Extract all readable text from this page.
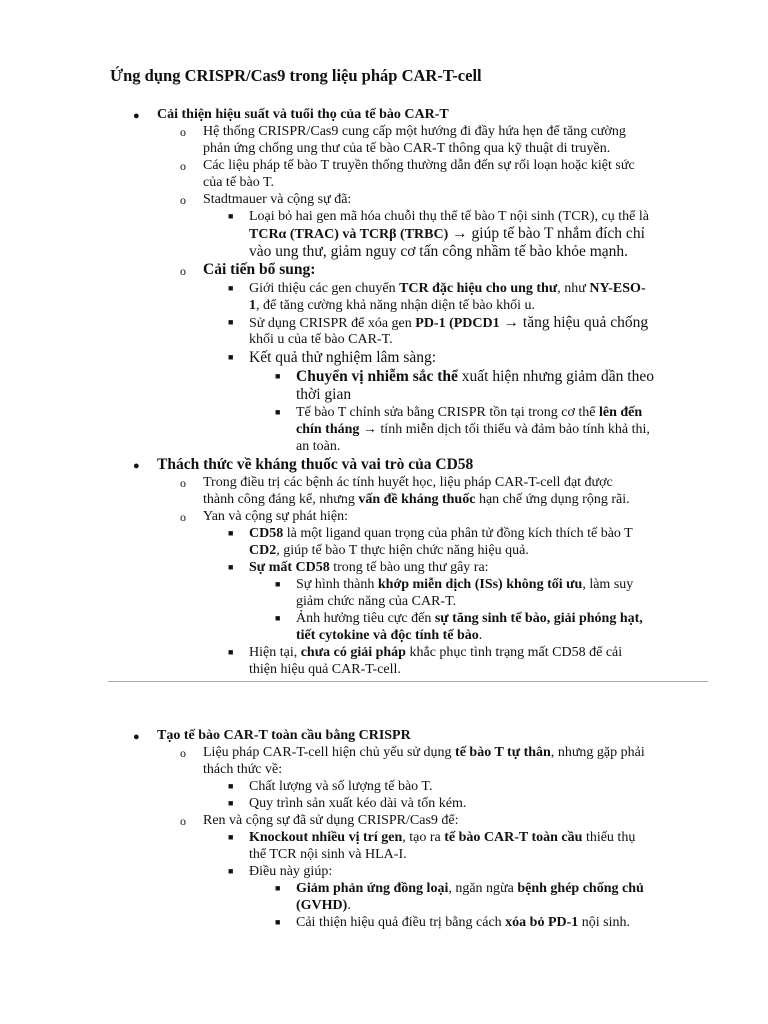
Ứng dụng CRISPR/Cas9 trong liệu pháp CAR-T-cell
● Cải thiện hiệu suất và tuổi thọ của tế bào CAR-T
o Hệ thống CRISPR/Cas9 cung cấp một hướng đi đầy hứa hẹn để tăng cường
phản ứng chống ung thư của tế bào CAR-T thông qua kỹ thuật di truyền.
o Các liệu pháp tế bào T truyền thống thường dẫn đến sự rối loạn hoặc kiệt sức
của tế bào T.
o Stadtmauer và cộng sự đã:
■ Loại bỏ hai gen mã hóa chuỗi thụ thể tế bào T nội sinh (TCR), cụ thể là
TCRα (TRAC) và TCRβ (TRBC) → giúp tế bào T nhắm đích chỉ
vào ung thư, giảm nguy cơ tấn công nhầm tế bào khỏe mạnh.
o Cải tiến bổ sung:
■ Giới thiệu các gen chuyển TCR đặc hiệu cho ung thư, như NY-ESO-
1, để tăng cường khả năng nhận diện tế bào khối u.
■ Sử dụng CRISPR để xóa gen PD-1 (PDCD1 → tăng hiệu quả chống
khối u của tế bào CAR-T.
■ Kết quả thử nghiệm lâm sàng:
■ Chuyển vị nhiễm sắc thể xuất hiện nhưng giảm dần theo
thời gian
■ Tế bào T chỉnh sửa bằng CRISPR tồn tại trong cơ thể lên đến
chín tháng → tính miễn dịch tối thiểu và đảm bảo tính khả thi,
an toàn.
● Thách thức về kháng thuốc và vai trò của CD58
o Trong điều trị các bệnh ác tính huyết học, liệu pháp CAR-T-cell đạt được
thành công đáng kể, nhưng vấn đề kháng thuốc hạn chế ứng dụng rộng rãi.
o Yan và cộng sự phát hiện:
■ CD58 là một ligand quan trọng của phân tử đồng kích thích tế bào T
CD2, giúp tế bào T thực hiện chức năng hiệu quả.
■ Sự mất CD58 trong tế bào ung thư gây ra:
■ Sự hình thành khớp miễn dịch (ISs) không tối ưu, làm suy
giảm chức năng của CAR-T.
■ Ảnh hưởng tiêu cực đến sự tăng sinh tế bào, giải phóng hạt,
tiết cytokine và độc tính tế bào.
■ Hiện tại, chưa có giải pháp khắc phục tình trạng mất CD58 để cải
thiện hiệu quả CAR-T-cell.
● Tạo tế bào CAR-T toàn cầu bằng CRISPR
o Liệu pháp CAR-T-cell hiện chủ yếu sử dụng tế bào T tự thân, nhưng gặp phải
thách thức về:
■ Chất lượng và số lượng tế bào T.
■ Quy trình sản xuất kéo dài và tốn kém.
o Ren và cộng sự đã sử dụng CRISPR/Cas9 để:
■ Knockout nhiều vị trí gen, tạo ra tế bào CAR-T toàn cầu thiếu thụ
thể TCR nội sinh và HLA-I.
■ Điều này giúp:
■ Giảm phản ứng đồng loại, ngăn ngừa bệnh ghép chống chủ
(GVHD).
■ Cải thiện hiệu quả điều trị bằng cách xóa bỏ PD-1 nội sinh.
